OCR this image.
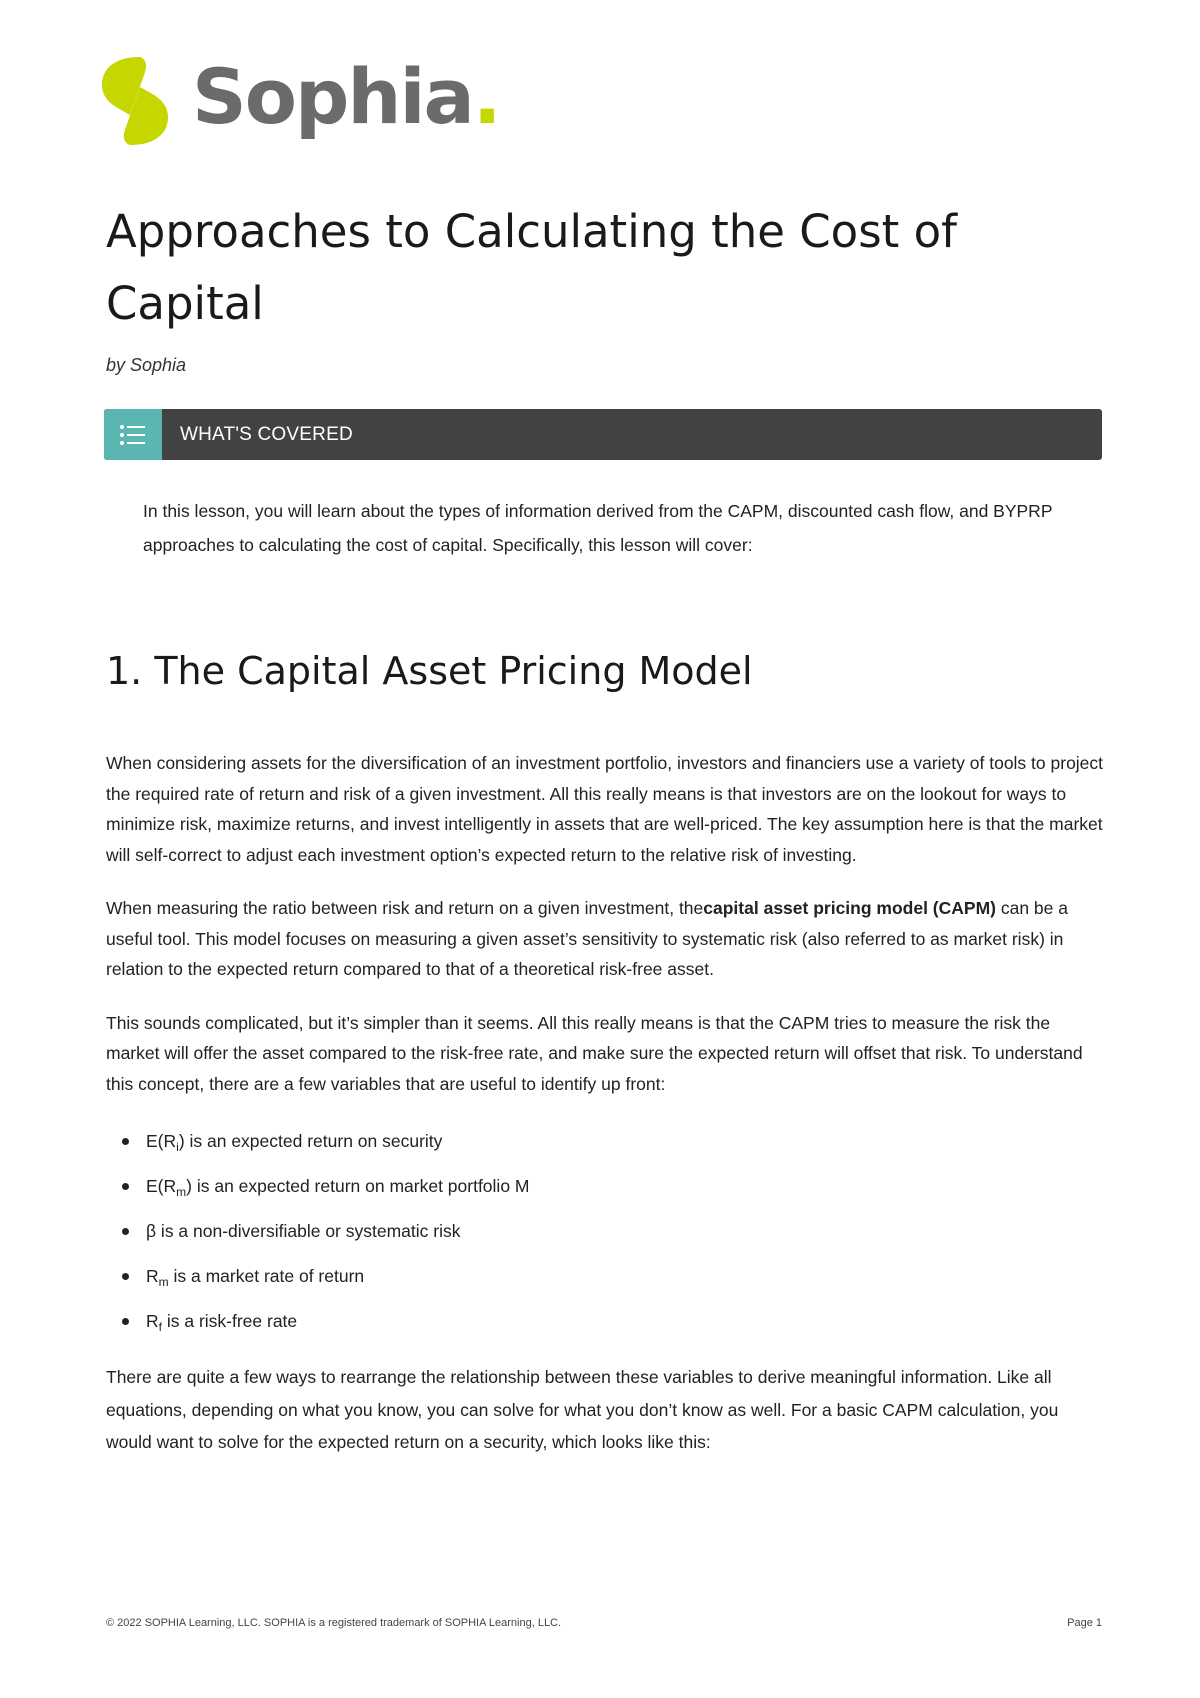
Sophia.
Approaches to Calculating the Cost of Capital
by Sophia
WHAT'S COVERED

In this lesson, you will learn about the types of information derived from the CAPM, discounted cash flow, and BYPRP approaches to calculating the cost of capital. Specifically, this lesson will cover:

1. The Capital Asset Pricing Model

When considering assets for the diversification of an investment portfolio, investors and financiers use a variety of tools to project the required rate of return and risk of a given investment. All this really means is that investors are on the lookout for ways to minimize risk, maximize returns, and invest intelligently in assets that are well-priced. The key assumption here is that the market will self-correct to adjust each investment option’s expected return to the relative risk of investing.

When measuring the ratio between risk and return on a given investment, thecapital asset pricing model (CAPM) can be a useful tool. This model focuses on measuring a given asset’s sensitivity to systematic risk (also referred to as market risk) in relation to the expected return compared to that of a theoretical risk-free asset.

This sounds complicated, but it’s simpler than it seems. All this really means is that the CAPM tries to measure the risk the market will offer the asset compared to the risk-free rate, and make sure the expected return will offset that risk. To understand this concept, there are a few variables that are useful to identify up front:

$E(R_i)$ is an expected return on security
$E(R_m)$ is an expected return on market portfolio M
β is a non-diversifiable or systematic risk
$R_m$ is a market rate of return
$R_f$ is a risk-free rate

There are quite a few ways to rearrange the relationship between these variables to derive meaningful information. Like all equations, depending on what you know, you can solve for what you don’t know as well. For a basic CAPM calculation, you would want to solve for the expected return on a security, which looks like this:

© 2022 SOPHIA Learning, LLC. SOPHIA is a registered trademark of SOPHIA Learning, LLC.	Page 1
